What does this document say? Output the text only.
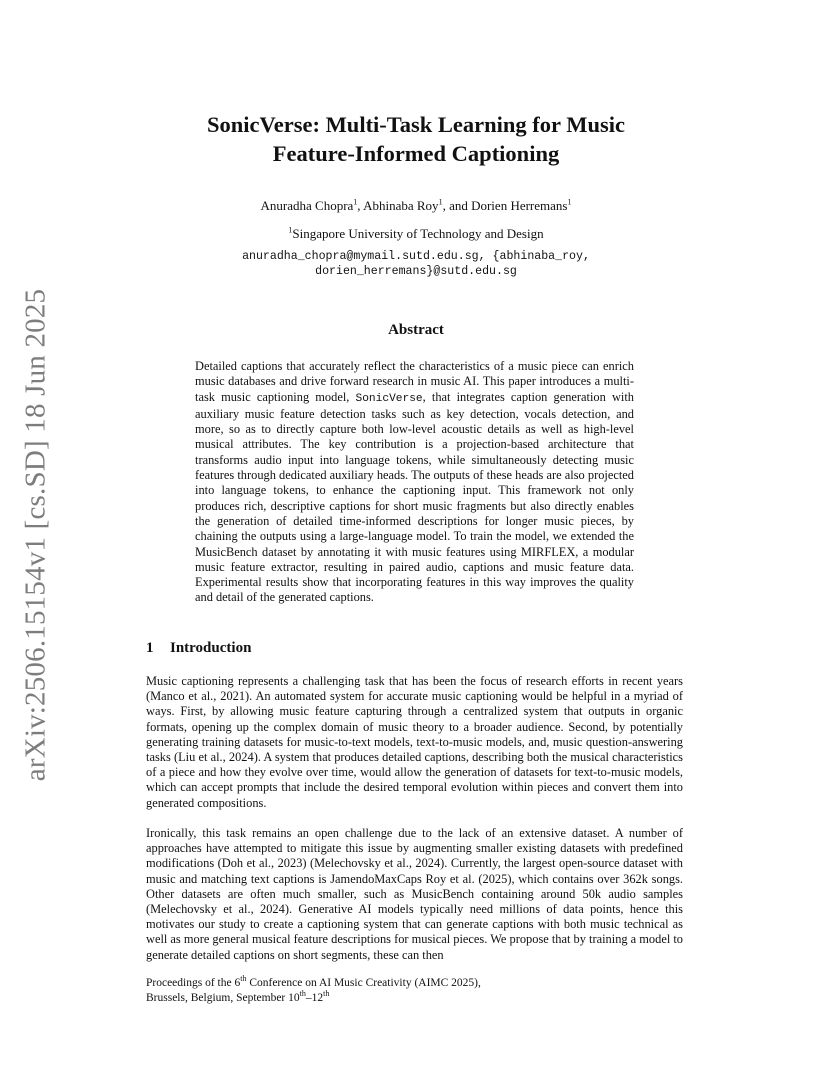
arXiv:2506.15154v1 [cs.SD] 18 Jun 2025
SonicVerse: Multi-Task Learning for Music
Feature-Informed Captioning
Anuradha Chopra$^1$, Abhinaba Roy$^1$, and Dorien Herremans$^1$
$^1$Singapore University of Technology and Design
anuradha_chopra@mymail.sutd.edu.sg, {abhinaba_roy,
dorien_herremans}@sutd.edu.sg
Abstract
Detailed captions that accurately reflect the characteristics of a music piece can enrich music databases and drive forward research in music AI. This paper introduces a multi-task music captioning model, SonicVerse, that integrates caption generation with auxiliary music feature detection tasks such as key detection, vocals detection, and more, so as to directly capture both low-level acoustic details as well as high-level musical attributes. The key contribution is a projection-based architecture that transforms audio input into language tokens, while simultaneously detecting music features through dedicated auxiliary heads. The outputs of these heads are also projected into language tokens, to enhance the captioning input. This framework not only produces rich, descriptive captions for short music fragments but also directly enables the generation of detailed time-informed descriptions for longer music pieces, by chaining the outputs using a large-language model. To train the model, we extended the MusicBench dataset by annotating it with music features using MIRFLEX, a modular music feature extractor, resulting in paired audio, captions and music feature data. Experimental results show that incorporating features in this way improves the quality and detail of the generated captions.
1 Introduction
Music captioning represents a challenging task that has been the focus of research efforts in recent years (Manco et al., 2021). An automated system for accurate music captioning would be helpful in a myriad of ways. First, by allowing music feature capturing through a centralized system that outputs in organic formats, opening up the complex domain of music theory to a broader audience. Second, by potentially generating training datasets for music-to-text models, text-to-music models, and, music question-answering tasks (Liu et al., 2024). A system that produces detailed captions, describing both the musical characteristics of a piece and how they evolve over time, would allow the generation of datasets for text-to-music models, which can accept prompts that include the desired temporal evolution within pieces and convert them into generated compositions.
Ironically, this task remains an open challenge due to the lack of an extensive dataset. A number of approaches have attempted to mitigate this issue by augmenting smaller existing datasets with predefined modifications (Doh et al., 2023) (Melechovsky et al., 2024). Currently, the largest open-source dataset with music and matching text captions is JamendoMaxCaps Roy et al. (2025), which contains over 362k songs. Other datasets are often much smaller, such as MusicBench containing around 50k audio samples (Melechovsky et al., 2024). Generative AI models typically need millions of data points, hence this motivates our study to create a captioning system that can generate captions with both music technical as well as more general musical feature descriptions for musical pieces. We propose that by training a model to generate detailed captions on short segments, these can then
Proceedings of the 6th Conference on AI Music Creativity (AIMC 2025),
Brussels, Belgium, September 10th–12th
